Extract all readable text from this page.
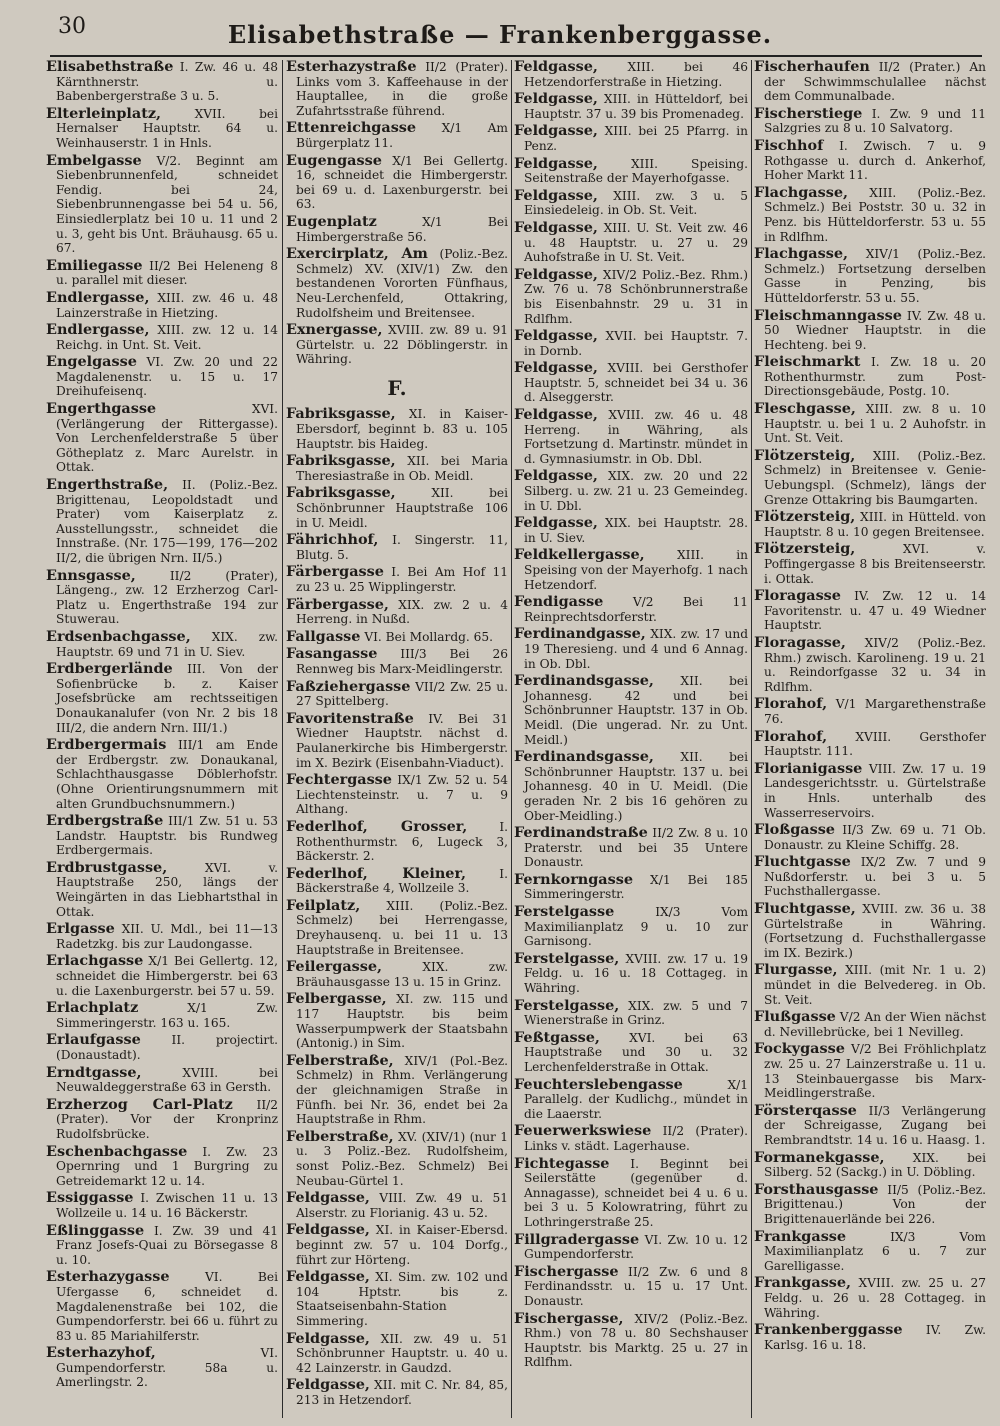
30	Elisabethstraße — Frankenberggasse.

Elisabethstraße I. Zw. 46 u. 48 Kärnthnerstr. u. Babenbergerstraße 3 u. 5.

Elterleinplatz,	XVII. bei Hernalser Hauptstr. 64 u. Weinhauserstr. 1 in Hnls.

Embelgasse V/2. Beginnt am Siebenbrunnenfeld, schneidet Fendig. bei 24, Siebenbrunnengasse bei 54 u. 56, Einsiedlerplatz bei 10 u. 11 und 2 u. 3, geht bis Unt. Bräuhausg. 65 u. 67.

Emiliegasse II/2 Bei Heleneng 8 u. parallel mit dieser.

Endlergasse, XIII. zw. 46 u. 48 Lainzerstraße in Hietzing.

Endlergasse, XIII. zw. 12 u. 14 Reichg. in Unt. St. Veit.

Engelgasse VI. Zw. 20 und 22 Magdalenenstr. u. 15 u. 17 Dreihufeisenq.

Engerthgasse	XVI. (Verlängerung der Rittergasse). Von Lerchenfelderstraße 5 über Götheplatz z. Marc Aurelstr. in Ottak.

Engerthstraße, II. (Poliz.-Bez. Brigittenau, Leopoldstadt und Prater) vom Kaiserplatz z. Ausstellungsstr., schneidet die Innstraße. (Nr. 175—199, 176—202 II/2, die übrigen Nrn. II/5.)

Ennsgasse,	II/2 (Prater), Längeng., zw. 12 Erzherzog Carl-Platz u. Engerthstraße 194 zur Stuwerau.

Erdsenbachgasse, XIX. zw. Hauptstr. 69 und 71 in U. Siev.

Erdbergerlände III. Von der Sofienbrücke b. z. Kaiser Josefsbrücke am rechtsseitigen Donaukanalufer (von Nr. 2 bis 18 III/2, die andern Nrn. III/1.)

Erdbergermais III/1 am Ende der Erdbergstr. zw. Donaukanal, Schlachthausgasse Döblerhofstr. (Ohne Orientirungsnummern mit alten Grundbuchsnummern.)

Erdbergstraße III/1 Zw. 51 u. 53 Landstr. Hauptstr. bis Rundweg Erdbergermais.

Erdbrustgasse,	XVI. v. Hauptstraße 250, längs der Weingärten in das Liebhartsthal in Ottak.

Erlgasse XII. U. Mdl., bei 11—13 Radetzkg. bis zur Laudongasse.

Erlachgasse X/1 Bei Gellertg. 12, schneidet die Himbergerstr. bei 63 u. die Laxenburgerstr. bei 57 u. 59.

Erlachplatz	X/1 Zw. Simmeringerstr. 163 u. 165.

Erlaufgasse	II. projectirt. (Donaustadt).

Erndtgasse,	XVIII. bei Neuwaldeggerstraße 63 in Gersth.

Erzherzog Carl-Platz II/2 (Prater). Vor der Kronprinz Rudolfsbrücke.

Eschenbachgasse I. Zw. 23 Opernring und 1 Burgring zu Getreidemarkt 12 u. 14.

Essiggasse I. Zwischen 11 u. 13 Wollzeile u. 14 u. 16 Bäckerstr.

Eßlinggasse I. Zw. 39 und 41 Franz Josefs-Quai zu Börsegasse 8 u. 10.

Esterhazygasse	VI. Bei Ufergasse 6, schneidet d. Magdalenenstraße bei 102, die Gumpendorferstr. bei 66 u. führt zu 83 u. 85 Mariahilferstr.

Esterhazyhof,	VI. Gumpendorferstr. 58a u. Amerlingstr. 2.

Esterhazystraße II/2 (Prater). Links vom 3. Kaffeehause in der Hauptallee, in die große Zufahrtsstraße führend.

Ettenreichgasse X/1 Am Bürgerplatz 11.

Eugengasse X/1 Bei Gellertg. 16, schneidet die Himbergerstr. bei 69 u. d. Laxenburgerstr. bei 63.

Eugenplatz	X/1 Bei Himbergerstraße 56.

Exercirplatz, Am (Poliz.-Bez. Schmelz) XV. (XIV/1) Zw. den bestandenen Vororten Fünfhaus, Neu-Lerchenfeld, Ottakring, Rudolfsheim und Breitensee.

Exnergasse, XVIII. zw. 89 u. 91 Gürtelstr. u. 22 Döblingerstr. in Währing.

F.

Fabriksgasse, XI. in Kaiser-Ebersdorf, beginnt b. 83 u. 105 Hauptstr. bis Haideg.

Fabriksgasse, XII. bei Maria Theresiastraße in Ob. Meidl.

Fabriksgasse,	XII. bei Schönbrunner Hauptstraße 106 in U. Meidl.

Fährichhof, I. Singerstr. 11, Blutg. 5.

Färbergasse I. Bei Am Hof 11 zu 23 u. 25 Wipplingerstr.

Färbergasse, XIX. zw. 2 u. 4 Herreng. in Nußd.

Fallgasse VI. Bei Mollardg. 65.

Fasangasse III/3 Bei 26 Rennweg bis Marx-Meidlingerstr.

Faßziehergasse VII/2 Zw. 25 u. 27 Spittelberg.

Favoritenstraße IV. Bei 31 Wiedner Hauptstr. nächst d. Paulanerkirche bis Himbergerstr. im X. Bezirk (Eisenbahn-Viaduct).

Fechtergasse IX/1 Zw. 52 u. 54 Liechtensteinstr. u. 7 u. 9 Althang.

Federlhof, Grosser,	I. Rothenthurmstr. 6, Lugeck 3, Bäckerstr. 2.

Federlhof, Kleiner,	I. Bäckerstraße 4, Wollzeile 3.

Feilplatz, XIII. (Poliz.-Bez. Schmelz) bei Herrengasse, Dreyhausenq. u. bei 11 u. 13 Hauptstraße in Breitensee.

Feilergasse,	XIX. zw. Bräuhausgasse 13 u. 15 in Grinz.

Felbergasse, XI. zw. 115 und 117 Hauptstr. bis beim Wasserpumpwerk der Staatsbahn (Antonig.) in Sim.

Felberstraße, XIV/1 (Pol.-Bez. Schmelz) in Rhm. Verlängerung der gleichnamigen Straße in Fünfh. bei Nr. 36, endet bei 2a Hauptstraße in Rhm.

Felberstraße, XV. (XIV/1) (nur 1 u. 3 Poliz.-Bez. Rudolfsheim, sonst Poliz.-Bez. Schmelz) Bei Neubau-Gürtel 1.

Feldgasse, VIII. Zw. 49 u. 51 Alserstr. zu Florianig. 43 u. 52.

Feldgasse, XI. in Kaiser-Ebersd. beginnt zw. 57 u. 104 Dorfg., führt zur Hörteng.

Feldgasse, XI. Sim. zw. 102 und 104 Hptstr. bis z. Staatseisenbahn-Station Simmering.

Feldgasse, XII. zw. 49 u. 51 Schönbrunner Hauptstr. u. 40 u. 42 Lainzerstr. in Gaudzd.

Feldgasse, XII. mit C. Nr. 84, 85, 213 in Hetzendorf.

Feldgasse, XIII. bei 46 Hetzendorferstraße in Hietzing.

Feldgasse, XIII. in Hütteldorf, bei Hauptstr. 37 u. 39 bis Promenadeg.

Feldgasse, XIII. bei 25 Pfarrg. in Penz.

Feldgasse,	XIII. Speising. Seitenstraße der Mayerhofgasse.

Feldgasse, XIII. zw. 3 u. 5 Einsiedeleig. in Ob. St. Veit.

Feldgasse, XIII. U. St. Veit zw. 46 u. 48 Hauptstr. u. 27 u. 29 Auhofstraße in U. St. Veit.

Feldgasse, XIV/2 Poliz.-Bez. Rhm.) Zw. 76 u. 78 Schönbrunnerstraße bis Eisenbahnstr. 29 u. 31 in Rdlfhm.

Feldgasse, XVII. bei Hauptstr. 7. in Dornb.

Feldgasse, XVIII. bei Gersthofer Hauptstr. 5, schneidet bei 34 u. 36 d. Alseggerstr.

Feldgasse, XVIII. zw. 46 u. 48 Herreng. in Währing, als Fortsetzung d. Martinstr. mündet in d. Gymnasiumstr. in Ob. Dbl.

Feldgasse, XIX. zw. 20 und 22 Silberg. u. zw. 21 u. 23 Gemeindeg. in U. Dbl.

Feldgasse, XIX. bei Hauptstr. 28. in U. Siev.

Feldkellergasse,	XIII. in Speising von der Mayerhofg. 1 nach Hetzendorf.

Fendigasse V/2 Bei 11 Reinprechtsdorferstr.

Ferdinandgasse, XIX. zw. 17 und 19 Theresieng. und 4 und 6 Annag. in Ob. Dbl.

Ferdinandsgasse, XII. bei Johannesg. 42 und bei Schönbrunner Hauptstr. 137 in Ob. Meidl. (Die ungerad. Nr. zu Unt. Meidl.)

Ferdinandsgasse, XII. bei Schönbrunner Hauptstr. 137 u. bei Johannesg. 40 in U. Meidl. (Die geraden Nr. 2 bis 16 gehören zu Ober-Meidling.)

Ferdinandstraße II/2 Zw. 8 u. 10 Praterstr. und bei 35 Untere Donaustr.

Fernkorngasse X/1 Bei 185 Simmeringerstr.

Ferstelgasse	IX/3 Vom Maximilianplatz 9 u. 10 zur Garnisong.

Ferstelgasse, XVIII. zw. 17 u. 19 Feldg. u. 16 u. 18 Cottageg. in Währing.

Ferstelgasse, XIX. zw. 5 und 7 Wienerstraße in Grinz.

Feßtgasse, XVI. bei 63 Hauptstraße und 30 u. 32 Lerchenfelderstraße in Ottak.

Feuchterslebengasse	X/1 Parallelg. der Kudlichg., mündet in die Laaerstr.

Feuerwerkswiese II/2 (Prater). Links v. städt. Lagerhause.

Fichtegasse I. Beginnt bei Seilerstätte (gegenüber d. Annagasse), schneidet bei 4 u. 6 u. bei 3 u. 5 Kolowratring, führt zu Lothringerstraße 25.

Fillgradergasse VI. Zw. 10 u. 12 Gumpendorferstr.

Fischergasse II/2 Zw. 6 und 8 Ferdinandsstr. u. 15 u. 17 Unt. Donaustr.

Fischergasse, XIV/2 (Poliz.-Bez. Rhm.) von 78 u. 80 Sechshauser Hauptstr. bis Marktg. 25 u. 27 in Rdlfhm.

Fischerhaufen II/2 (Prater.) An der Schwimmschulallee nächst dem Communalbade.

Fischerstiege I. Zw. 9 und 11 Salzgries zu 8 u. 10 Salvatorg.

Fischhof I. Zwisch. 7 u. 9 Rothgasse u. durch d. Ankerhof, Hoher Markt 11.

Flachgasse, XIII. (Poliz.-Bez. Schmelz.) Bei Poststr. 30 u. 32 in Penz. bis Hütteldorferstr. 53 u. 55 in Rdlfhm.

Flachgasse, XIV/1 (Poliz.-Bez. Schmelz.) Fortsetzung derselben Gasse in Penzing, bis Hütteldorferstr. 53 u. 55.

Fleischmanngasse IV. Zw. 48 u. 50 Wiedner Hauptstr. in die Hechteng. bei 9.

Fleischmarkt I. Zw. 18 u. 20 Rothenthurmstr. zum Post-Directionsgebäude, Postg. 10.

Fleschgasse, XIII. zw. 8 u. 10 Hauptstr. u. bei 1 u. 2 Auhofstr. in Unt. St. Veit.

Flötzersteig, XIII. (Poliz.-Bez. Schmelz) in Breitensee v. Genie-Uebungspl. (Schmelz), längs der Grenze Ottakring bis Baumgarten.

Flötzersteig, XIII. in Hütteld. von Hauptstr. 8 u. 10 gegen Breitensee.

Flötzersteig,	XVI. v. Poffingergasse 8 bis Breitenseerstr. i. Ottak.

Floragasse IV. Zw. 12 u. 14 Favoritenstr. u. 47 u. 49 Wiedner Hauptstr.

Floragasse, XIV/2 (Poliz.-Bez. Rhm.) zwisch. Karolineng. 19 u. 21 u. Reindorfgasse 32 u. 34 in Rdlfhm.

Florahof, V/1 Margarethenstraße 76.

Florahof, XVIII. Gersthofer Hauptstr. 111.

Florianigasse VIII. Zw. 17 u. 19 Landesgerichtsstr. u. Gürtelstraße in Hnls. unterhalb des Wasserreservoirs.

Floßgasse II/3 Zw. 69 u. 71 Ob. Donaustr. zu Kleine Schiffg. 28.

Fluchtgasse IX/2 Zw. 7 und 9 Nußdorferstr. u. bei 3 u. 5 Fuchsthallergasse.

Fluchtgasse, XVIII. zw. 36 u. 38 Gürtelstraße in Währing. (Fortsetzung d. Fuchsthallergasse im IX. Bezirk.)

Flurgasse, XIII. (mit Nr. 1 u. 2) mündet in die Belvedereg. in Ob. St. Veit.

Flußgasse V/2 An der Wien nächst d. Nevillebrücke, bei 1 Nevilleg.

Fockygasse V/2 Bei Fröhlichplatz zw. 25 u. 27 Lainzerstraße u. 11 u. 13 Steinbauergasse bis Marx-Meidlingerstraße.

Försterqasse II/3 Verlängerung der Schreigasse, Zugang bei Rembrandtstr. 14 u. 16 u. Haasg. 1.

Formanekgasse, XIX. bei Silberg. 52 (Sackg.) in U. Döbling.

Forsthausgasse II/5 (Poliz.-Bez. Brigittenau.) Von der Brigittenauerlände bei 226.

Frankgasse	IX/3 Vom Maximilianplatz 6 u. 7 zur Garelligasse.

Frankgasse, XVIII. zw. 25 u. 27 Feldg. u. 26 u. 28 Cottageg. in Währing.

Frankenberggasse IV. Zw. Karlsg. 16 u. 18.
